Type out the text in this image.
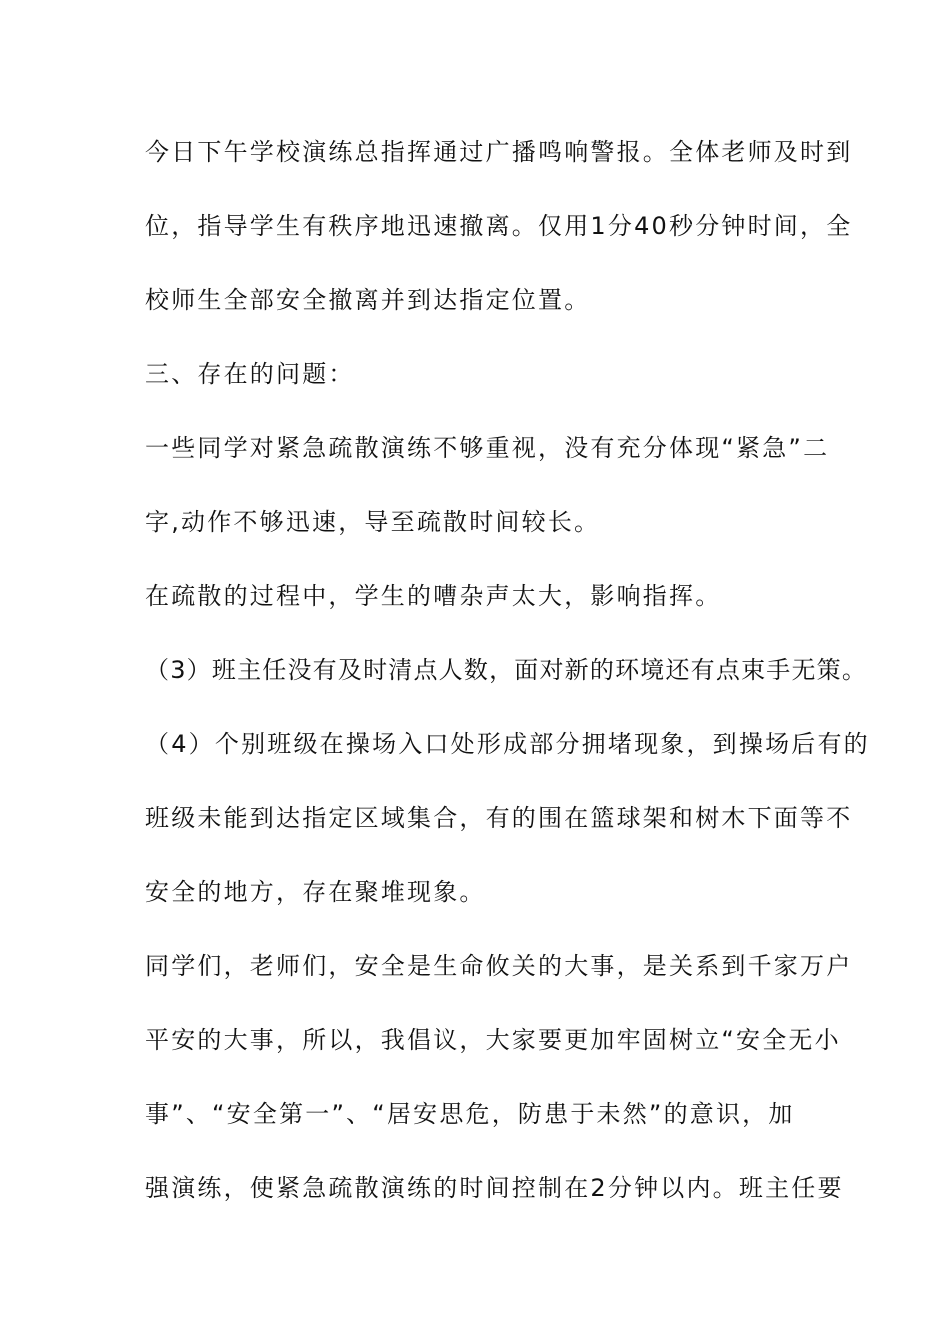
今日下午学校演练总指挥通过广播鸣响警报。全体老师及时到
位，指导学生有秩序地迅速撤离。仅用1分40秒分钟时间，全
校师生全部安全撤离并到达指定位置。
三、存在的问题：
一些同学对紧急疏散演练不够重视，没有充分体现“紧急”二
字,动作不够迅速，导至疏散时间较长。
在疏散的过程中，学生的嘈杂声太大，影响指挥。
（3）班主任没有及时清点人数，面对新的环境还有点束手无策。
（4）个别班级在操场入口处形成部分拥堵现象，到操场后有的
班级未能到达指定区域集合，有的围在篮球架和树木下面等不
安全的地方，存在聚堆现象。
同学们，老师们，安全是生命攸关的大事，是关系到千家万户
平安的大事，所以，我倡议，大家要更加牢固树立“安全无小
事”、“安全第一”、“居安思危，防患于未然”的意识，加
强演练，使紧急疏散演练的时间控制在2分钟以内。班主任要
